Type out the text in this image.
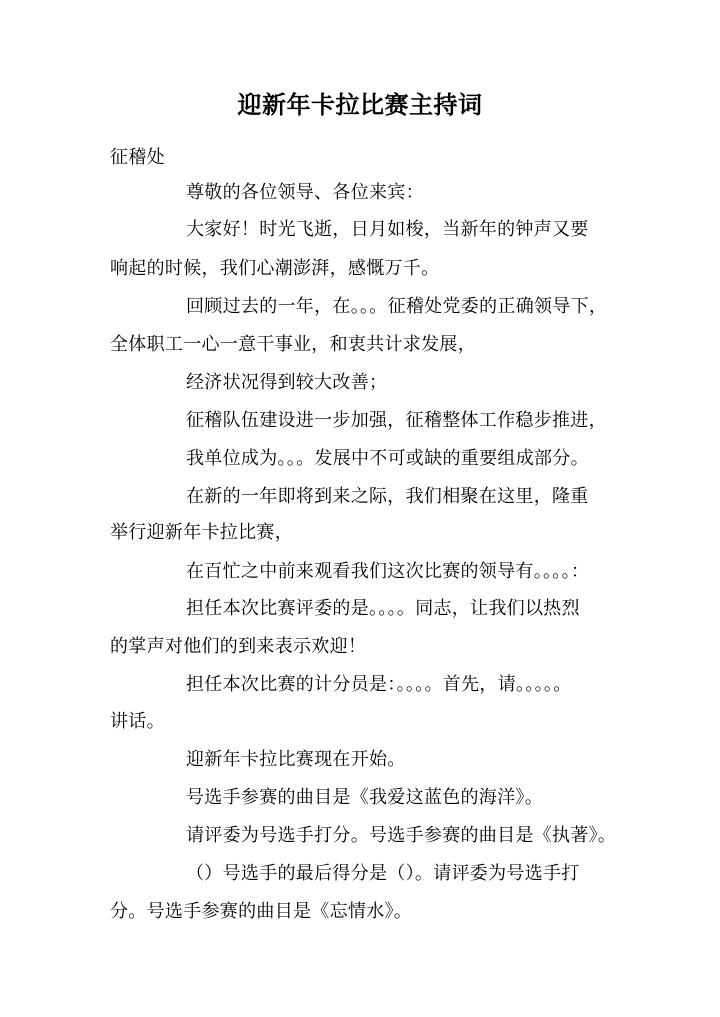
迎新年卡拉比赛主持词
征稽处
尊敬的各位领导、各位来宾：
大家好！时光飞逝，日月如梭，当新年的钟声又要
响起的时候，我们心潮澎湃，感慨万千。
回顾过去的一年，在。。。征稽处党委的正确领导下，
全体职工一心一意干事业，和衷共计求发展，
经济状况得到较大改善；
征稽队伍建设进一步加强，征稽整体工作稳步推进，
我单位成为。。。发展中不可或缺的重要组成部分。
在新的一年即将到来之际，我们相聚在这里，隆重
举行迎新年卡拉比赛，
在百忙之中前来观看我们这次比赛的领导有。。。。：
担任本次比赛评委的是。。。。同志，让我们以热烈
的掌声对他们的到来表示欢迎！
担任本次比赛的计分员是：。。。。首先，请。。。。。
讲话。
迎新年卡拉比赛现在开始。
号选手参赛的曲目是《我爱这蓝色的海洋》。
请评委为号选手打分。号选手参赛的曲目是《执著》。
（）号选手的最后得分是（）。请评委为号选手打
分。号选手参赛的曲目是《忘情水》。
